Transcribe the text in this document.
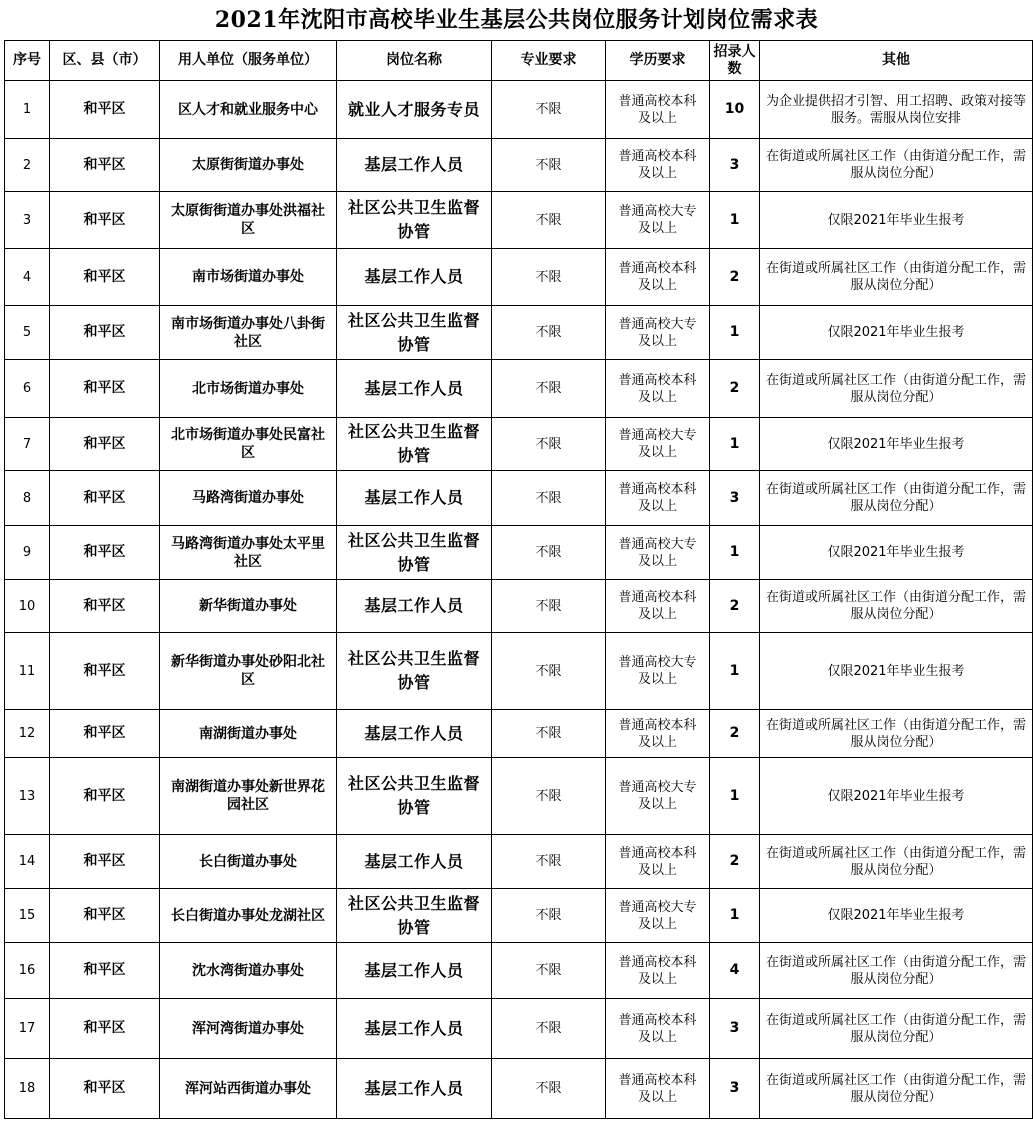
2021年沈阳市高校毕业生基层公共岗位服务计划岗位需求表
序号	区、县（市）	用人单位（服务单位）	岗位名称	专业要求	学历要求	招录人数	其他
1	和平区	区人才和就业服务中心	就业人才服务专员	不限	普通高校本科及以上	10	为企业提供招才引智、用工招聘、政策对接等服务。需服从岗位安排
2	和平区	太原街街道办事处	基层工作人员	不限	普通高校本科及以上	3	在街道或所属社区工作（由街道分配工作，需服从岗位分配）
3	和平区	太原街街道办事处洪福社区	社区公共卫生监督协管	不限	普通高校大专及以上	1	仅限2021年毕业生报考
4	和平区	南市场街道办事处	基层工作人员	不限	普通高校本科及以上	2	在街道或所属社区工作（由街道分配工作，需服从岗位分配）
5	和平区	南市场街道办事处八卦街社区	社区公共卫生监督协管	不限	普通高校大专及以上	1	仅限2021年毕业生报考
6	和平区	北市场街道办事处	基层工作人员	不限	普通高校本科及以上	2	在街道或所属社区工作（由街道分配工作，需服从岗位分配）
7	和平区	北市场街道办事处民富社区	社区公共卫生监督协管	不限	普通高校大专及以上	1	仅限2021年毕业生报考
8	和平区	马路湾街道办事处	基层工作人员	不限	普通高校本科及以上	3	在街道或所属社区工作（由街道分配工作，需服从岗位分配）
9	和平区	马路湾街道办事处太平里社区	社区公共卫生监督协管	不限	普通高校大专及以上	1	仅限2021年毕业生报考
10	和平区	新华街道办事处	基层工作人员	不限	普通高校本科及以上	2	在街道或所属社区工作（由街道分配工作，需服从岗位分配）
11	和平区	新华街道办事处砂阳北社区	社区公共卫生监督协管	不限	普通高校大专及以上	1	仅限2021年毕业生报考
12	和平区	南湖街道办事处	基层工作人员	不限	普通高校本科及以上	2	在街道或所属社区工作（由街道分配工作，需服从岗位分配）
13	和平区	南湖街道办事处新世界花园社区	社区公共卫生监督协管	不限	普通高校大专及以上	1	仅限2021年毕业生报考
14	和平区	长白街道办事处	基层工作人员	不限	普通高校本科及以上	2	在街道或所属社区工作（由街道分配工作，需服从岗位分配）
15	和平区	长白街道办事处龙湖社区	社区公共卫生监督协管	不限	普通高校大专及以上	1	仅限2021年毕业生报考
16	和平区	沈水湾街道办事处	基层工作人员	不限	普通高校本科及以上	4	在街道或所属社区工作（由街道分配工作，需服从岗位分配）
17	和平区	浑河湾街道办事处	基层工作人员	不限	普通高校本科及以上	3	在街道或所属社区工作（由街道分配工作，需服从岗位分配）
18	和平区	浑河站西街道办事处	基层工作人员	不限	普通高校本科及以上	3	在街道或所属社区工作（由街道分配工作，需服从岗位分配）
